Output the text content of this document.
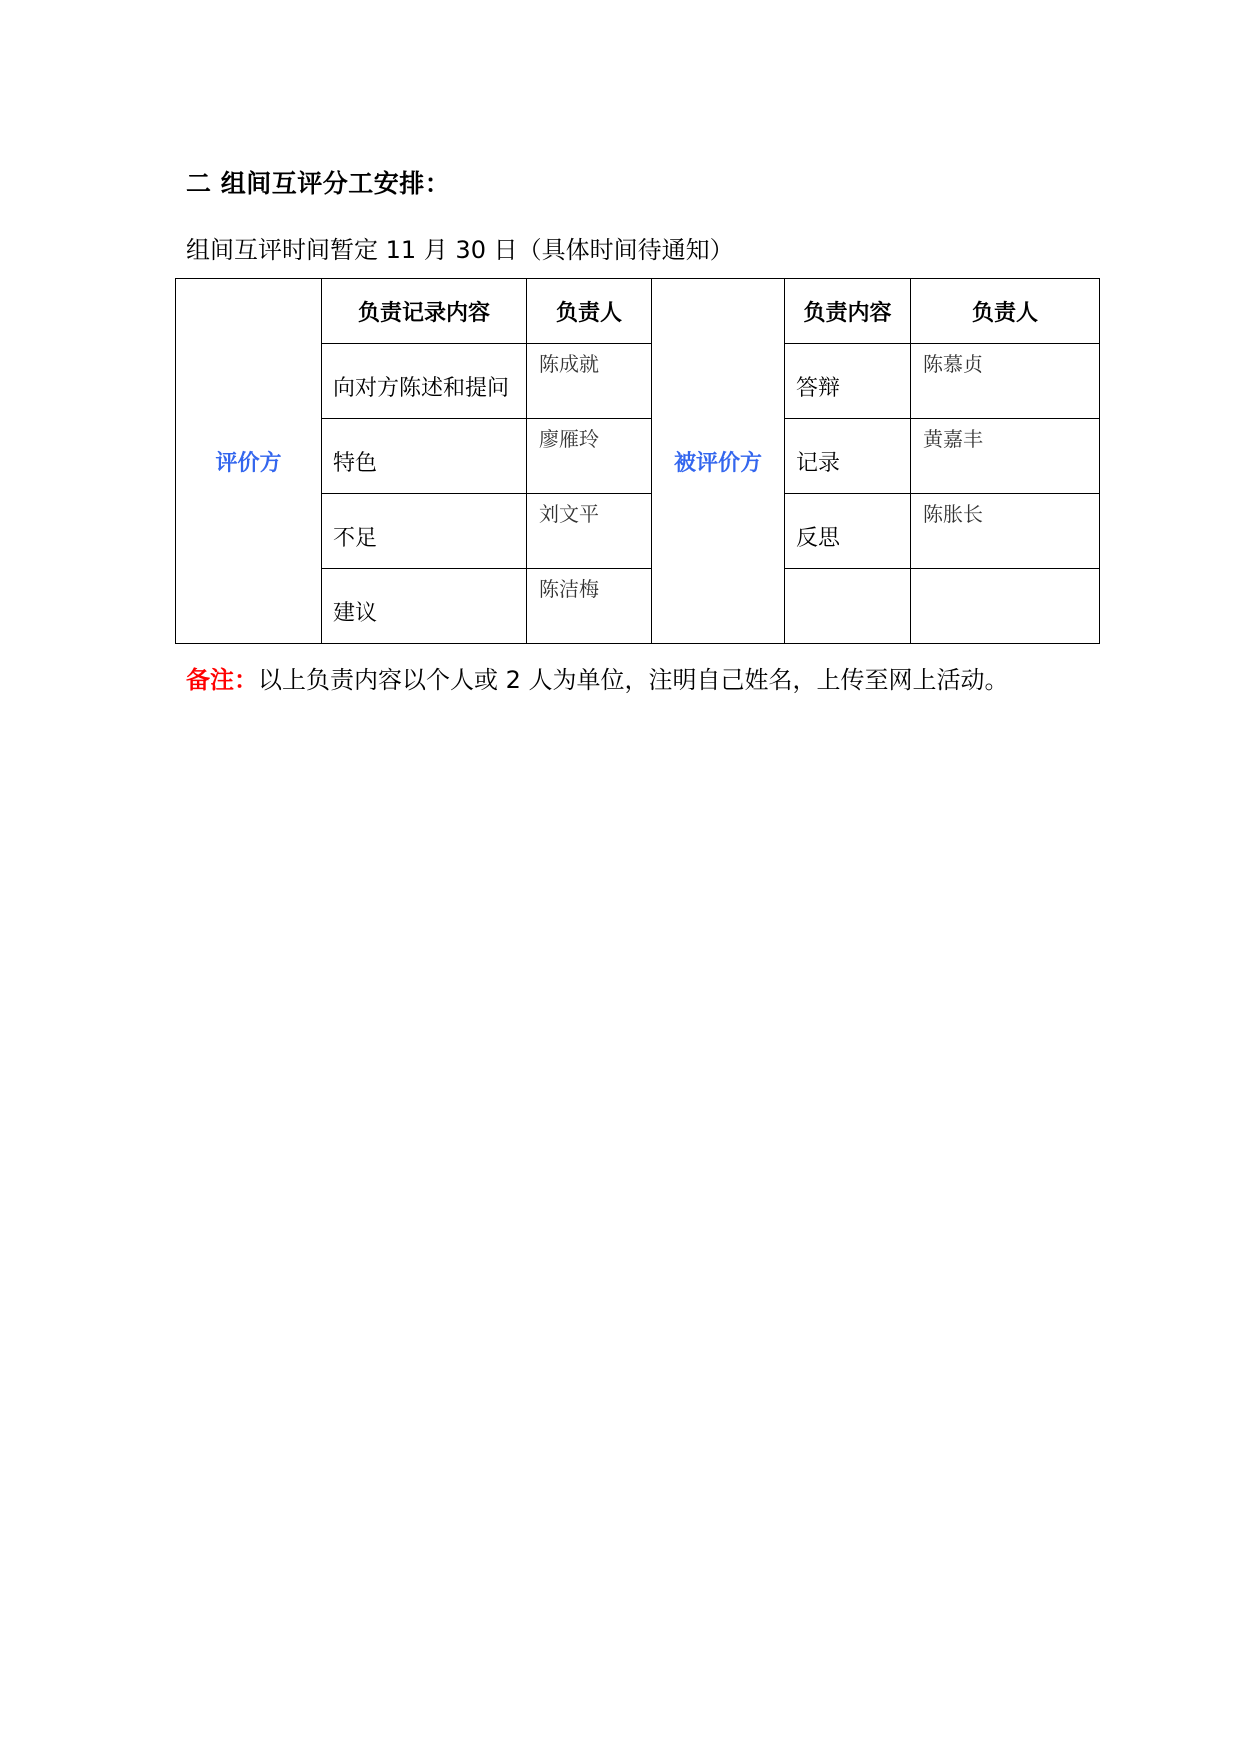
二 组间互评分工安排：
组间互评时间暂定 11 月 30 日（具体时间待通知）
评价方	负责记录内容	负责人	被评价方	负责内容	负责人
	向对方陈述和提问	陈成就		答辩	陈慕贞
	特色	廖雁玲		记录	黄嘉丰
	不足	刘文平		反思	陈胀长
	建议	陈洁梅			
备注：以上负责内容以个人或 2 人为单位，注明自己姓名，上传至网上活动。
